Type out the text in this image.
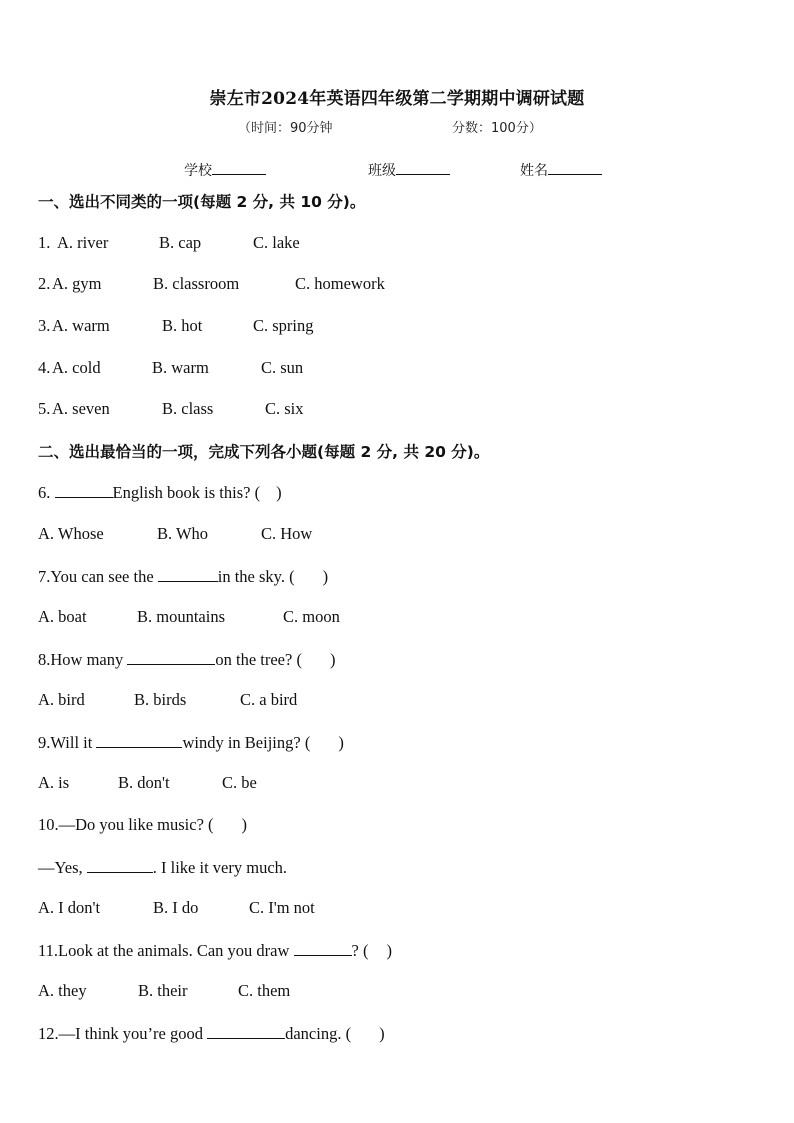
崇左市2024年英语四年级第二学期期中调研试题
（时间：90分钟	分数：100分）
学校	班级	姓名
一、选出不同类的一项(每题 2 分, 共 10 分)。
1. A. river	B. cap	C. lake
2. A. gym	B. classroom	C. homework
3. A. warm	B. hot	C. spring
4. A. cold	B. warm	C. sun
5. A. seven	B. class	C. six
二、选出最恰当的一项，完成下列各小题(每题 2 分, 共 20 分)。
6.	English book is this? ( )
A. Whose	B. Who	C. How
7.You can see the	in the sky. ( )
A. boat	B. mountains	C. moon
8.How many	on the tree? ( )
A. bird	B. birds	C. a bird
9.Will it	windy in Beijing? ( )
A. is	B. don't	C. be
10.—Do you like music? ( )
—Yes,	. I like it very much.
A. I don't	B. I do	C. I'm not
11.Look at the animals. Can you draw	? ( )
A. they	B. their	C. them
12.—I think you’re good	dancing. ( )
